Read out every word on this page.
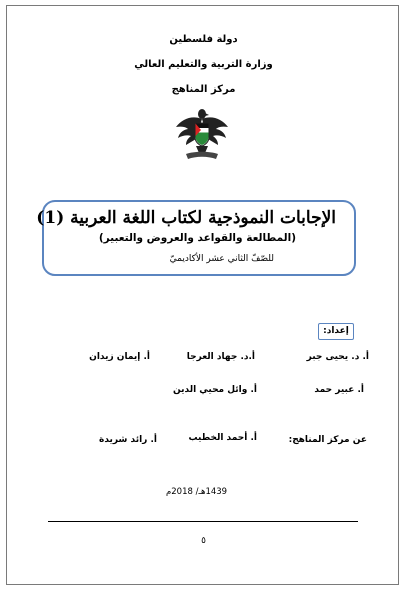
دولة فلسطين
وزارة التربية والتعليم العالي
مركز المناهج
الإجابات النموذجية لكتاب اللغة العربية (1)
(المطالعة والقواعد والعروض والتعبير)
للصّفّ الثاني عشر الأكاديميّ
إعداد:
أ. د. يحيى جبر
أ.د. جهاد العرجا
أ. إيمان زيدان
أ. عبير حمد
أ. وائل محيي الدين
عن مركز المناهج:
أ. أحمد الخطيب
أ. رائد شريدة
1439هـ/ 2018م
٥
